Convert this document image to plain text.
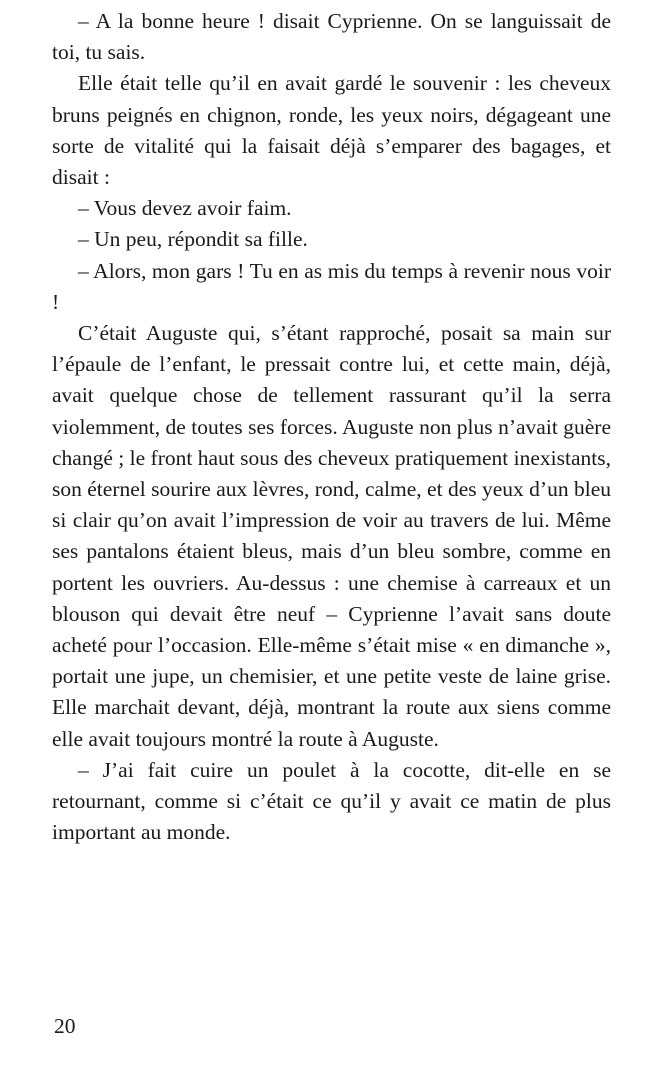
– A la bonne heure ! disait Cyprienne. On se languissait de toi, tu sais.

Elle était telle qu’il en avait gardé le souvenir : les cheveux bruns peignés en chignon, ronde, les yeux noirs, dégageant une sorte de vitalité qui la faisait déjà s’emparer des bagages, et disait :

– Vous devez avoir faim.

– Un peu, répondit sa fille.

– Alors, mon gars ! Tu en as mis du temps à revenir nous voir !

C’était Auguste qui, s’étant rapproché, posait sa main sur l’épaule de l’enfant, le pressait contre lui, et cette main, déjà, avait quelque chose de tellement rassurant qu’il la serra violemment, de toutes ses forces. Auguste non plus n’avait guère changé ; le front haut sous des cheveux pratiquement inexistants, son éternel sourire aux lèvres, rond, calme, et des yeux d’un bleu si clair qu’on avait l’impression de voir au travers de lui. Même ses pantalons étaient bleus, mais d’un bleu sombre, comme en portent les ouvriers. Au-dessus : une chemise à carreaux et un blouson qui devait être neuf – Cyprienne l’avait sans doute acheté pour l’occasion. Elle-même s’était mise « en dimanche », portait une jupe, un chemisier, et une petite veste de laine grise. Elle marchait devant, déjà, montrant la route aux siens comme elle avait toujours montré la route à Auguste.

– J’ai fait cuire un poulet à la cocotte, dit-elle en se retournant, comme si c’était ce qu’il y avait ce matin de plus important au monde.

20
